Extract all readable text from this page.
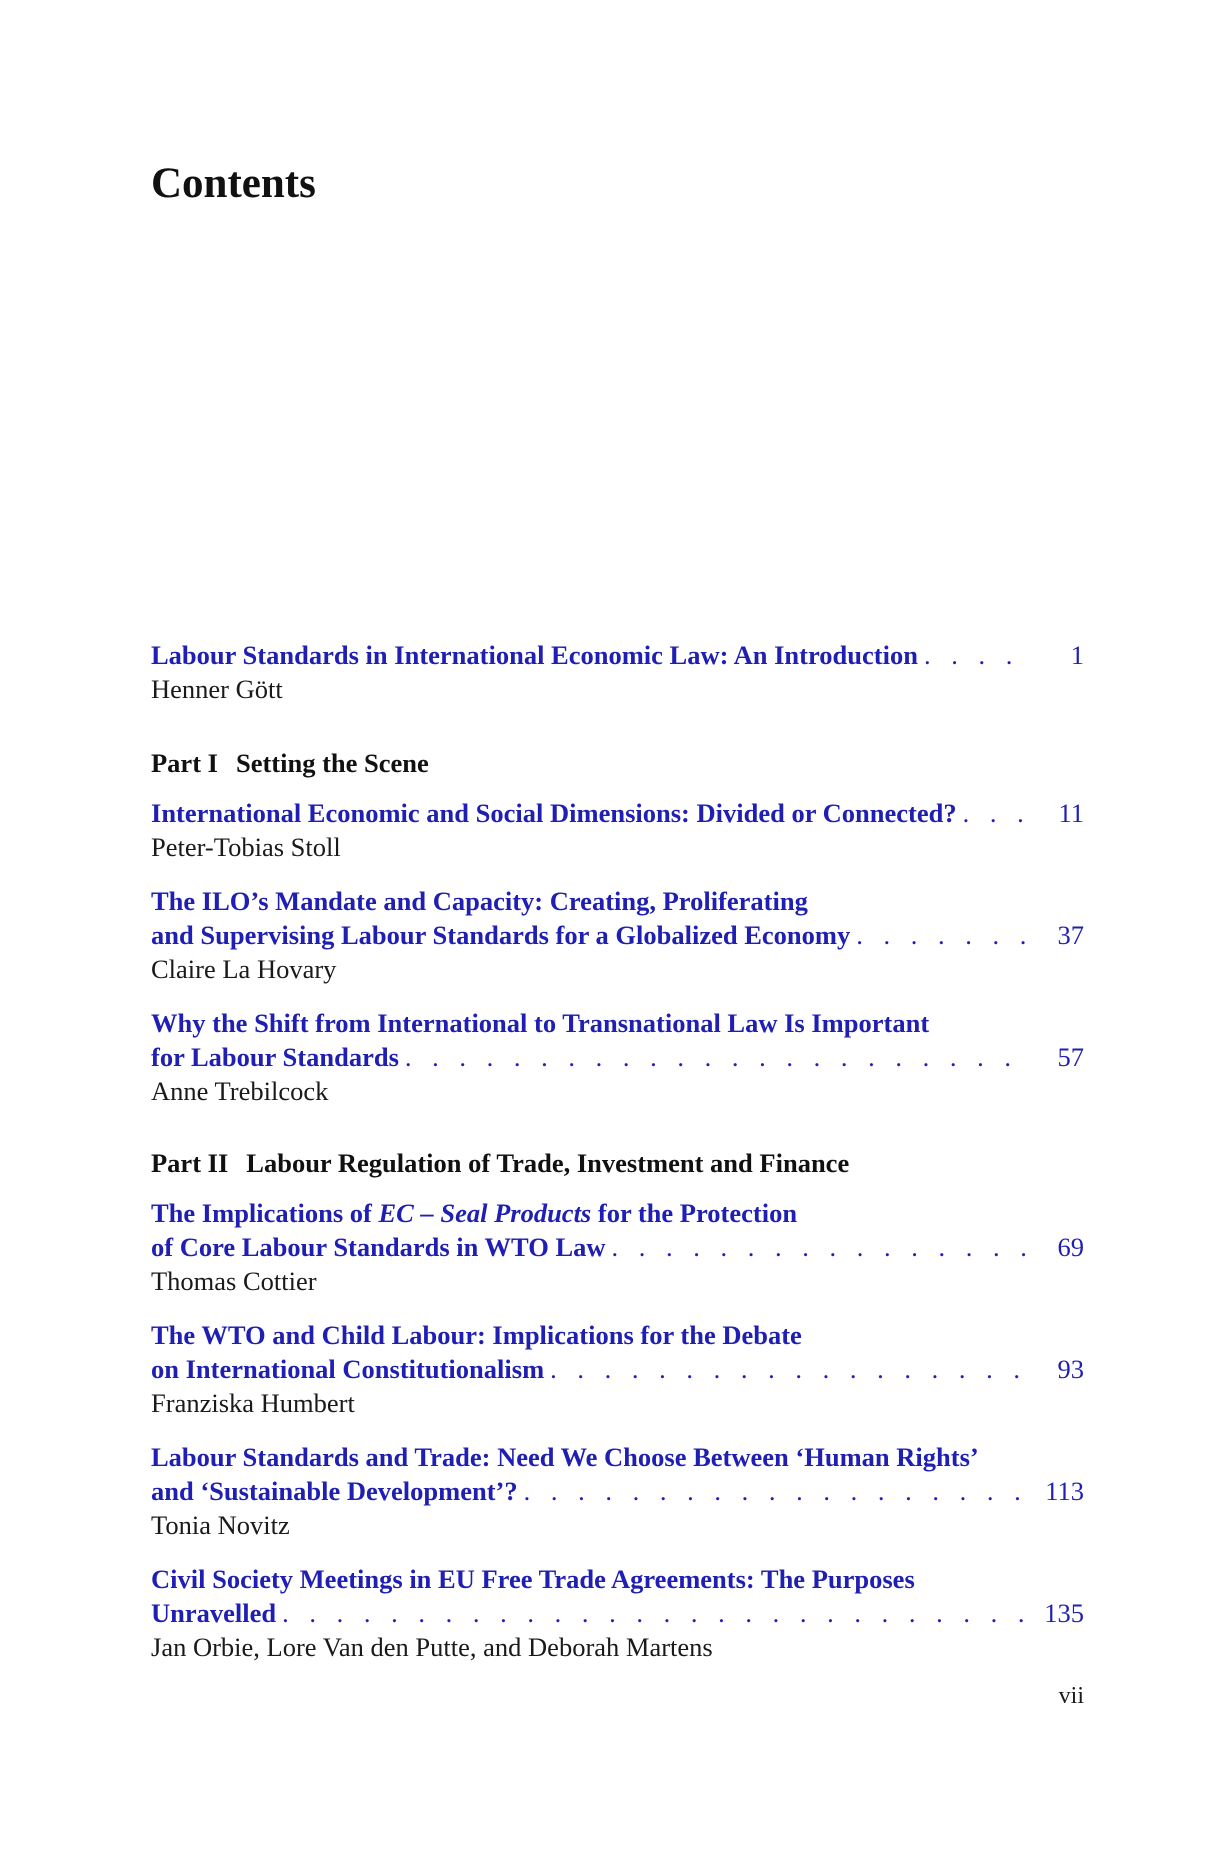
Contents
Labour Standards in International Economic Law: An Introduction . . .	1
Henner Gött
Part I Setting the Scene
International Economic and Social Dimensions: Divided or Connected? . . .	11
Peter-Tobias Stoll
The ILO’s Mandate and Capacity: Creating, Proliferating
and Supervising Labour Standards for a Globalized Economy . . .	37
Claire La Hovary
Why the Shift from International to Transnational Law Is Important
for Labour Standards . . .	57
Anne Trebilcock
Part II Labour Regulation of Trade, Investment and Finance
The Implications of EC – Seal Products for the Protection
of Core Labour Standards in WTO Law . . .	69
Thomas Cottier
The WTO and Child Labour: Implications for the Debate
on International Constitutionalism . . .	93
Franziska Humbert
Labour Standards and Trade: Need We Choose Between ‘Human Rights’
and ‘Sustainable Development’? . . .	113
Tonia Novitz
Civil Society Meetings in EU Free Trade Agreements: The Purposes
Unravelled . . .	135
Jan Orbie, Lore Van den Putte, and Deborah Martens
vii
